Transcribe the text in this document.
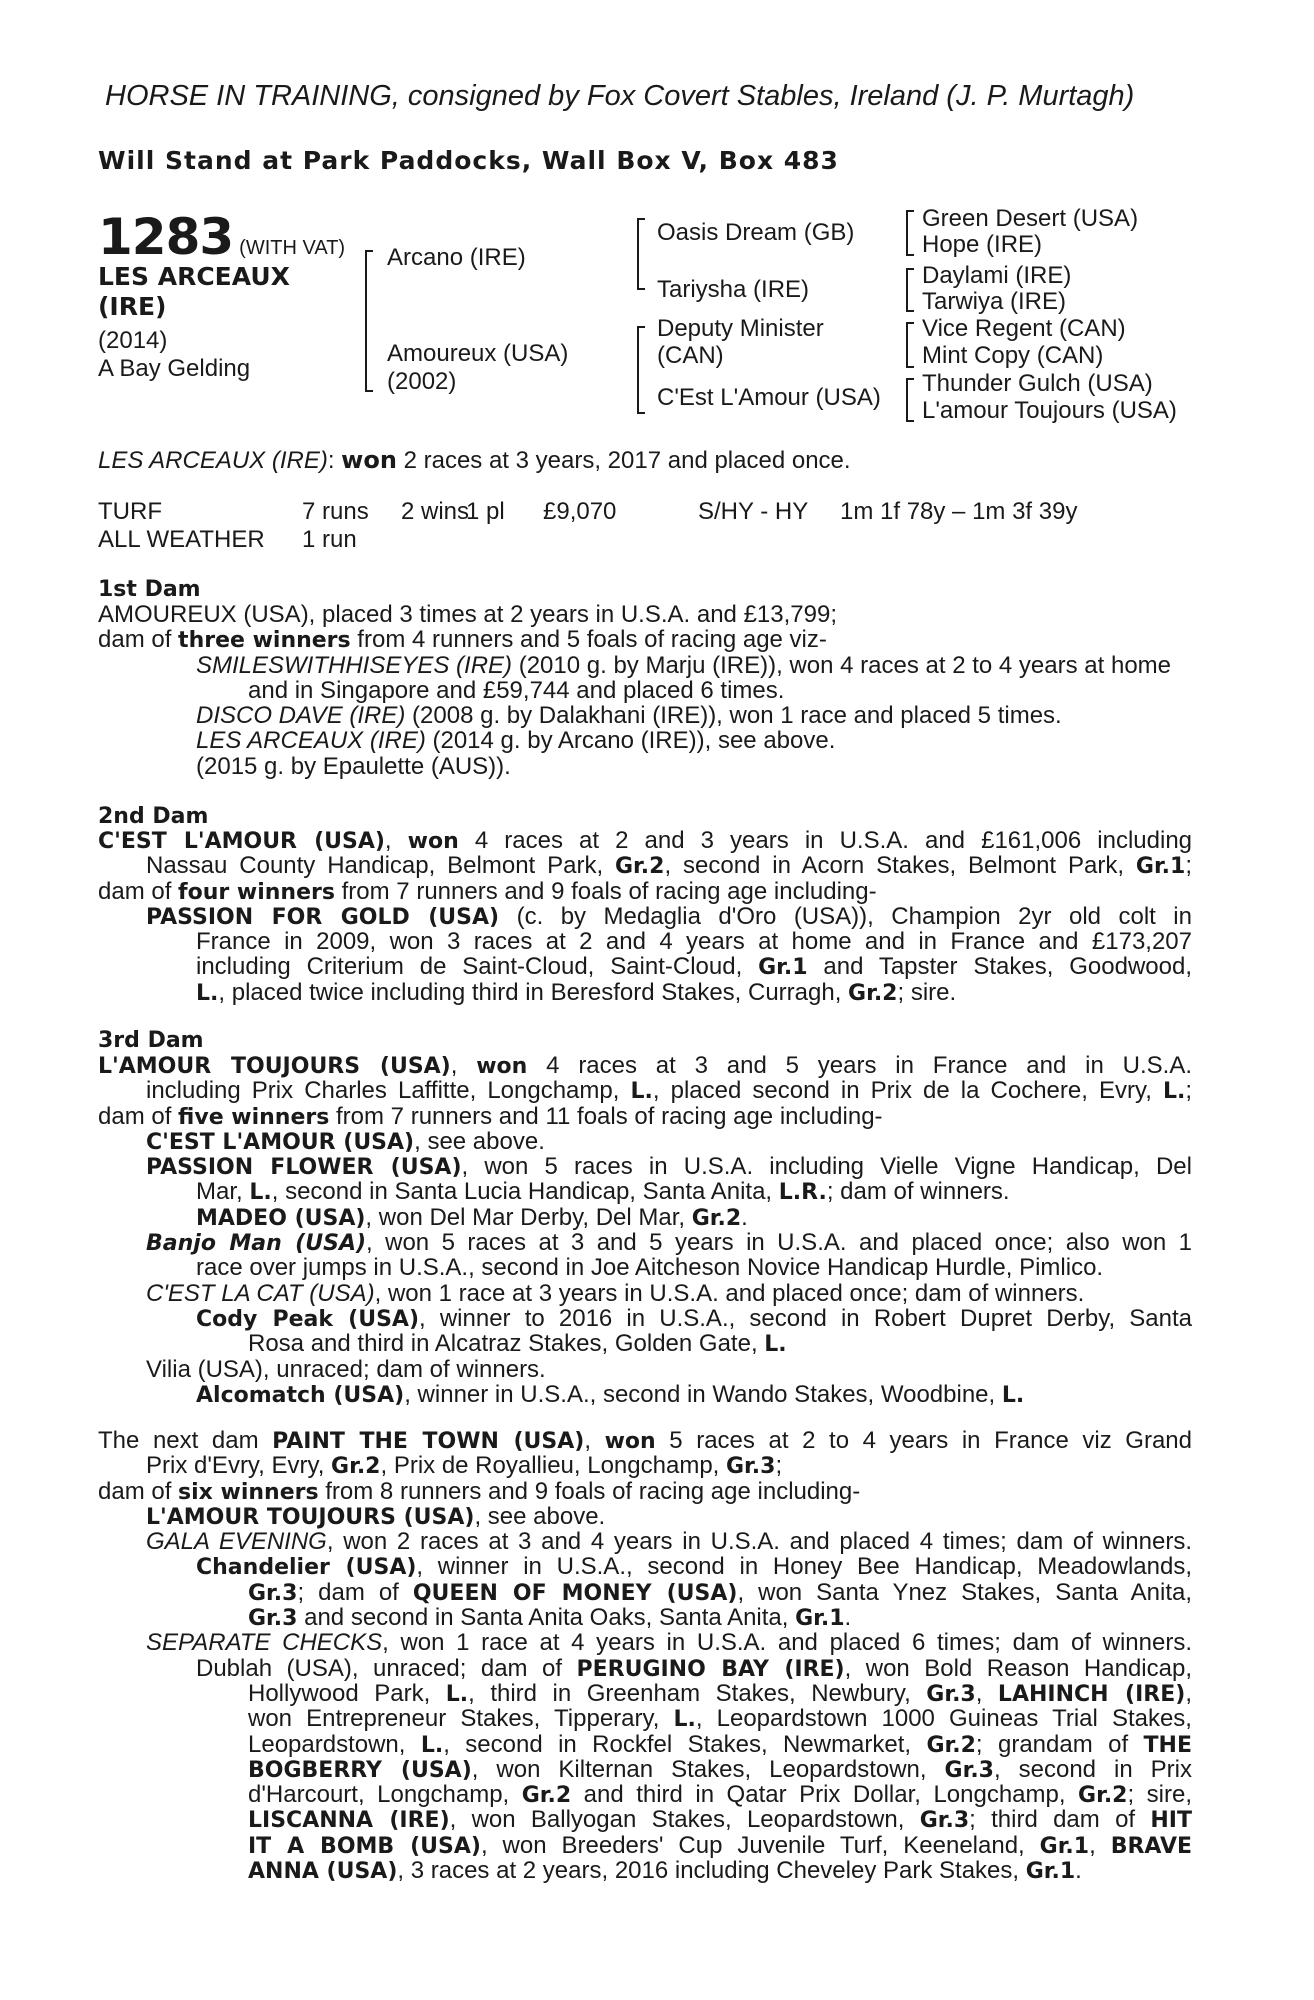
HORSE IN TRAINING, consigned by Fox Covert Stables, Ireland (J. P. Murtagh)
Will Stand at Park Paddocks, Wall Box V, Box 483
1283 (WITH VAT)
LES ARCEAUX
(IRE)
(2014)
A Bay Gelding
Arcano (IRE)
Amoureux (USA)
(2002)
Oasis Dream (GB)
Tariysha (IRE)
Deputy Minister
(CAN)
C'Est L'Amour (USA)
Green Desert (USA)
Hope (IRE)
Daylami (IRE)
Tarwiya (IRE)
Vice Regent (CAN)
Mint Copy (CAN)
Thunder Gulch (USA)
L'amour Toujours (USA)
LES ARCEAUX (IRE): won 2 races at 3 years, 2017 and placed once.
TURF	7 runs 2 wins
1 pl £9,070	S/HY - HY 1m 1f 78y – 1m 3f 39y
ALL WEATHER 1 run
1st Dam
AMOUREUX (USA), placed 3 times at 2 years in U.S.A. and £13,799;
dam of three winners from 4 runners and 5 foals of racing age viz-
SMILESWITHHISEYES (IRE) (2010 g. by Marju (IRE)), won 4 races at 2 to 4 years at home
and in Singapore and £59,744 and placed 6 times.
DISCO DAVE (IRE) (2008 g. by Dalakhani (IRE)), won 1 race and placed 5 times.
LES ARCEAUX (IRE) (2014 g. by Arcano (IRE)), see above.
(2015 g. by Epaulette (AUS)).
2nd Dam
C'EST L'AMOUR (USA), won 4 races at 2 and 3 years in U.S.A. and £161,006 including
Nassau County Handicap, Belmont Park, Gr.2, second in Acorn Stakes, Belmont Park, Gr.1;
dam of four winners from 7 runners and 9 foals of racing age including-
PASSION FOR GOLD (USA) (c. by Medaglia d'Oro (USA)), Champion 2yr old colt in
France in 2009, won 3 races at 2 and 4 years at home and in France and £173,207
including Criterium de Saint-Cloud, Saint-Cloud, Gr.1 and Tapster Stakes, Goodwood,
L., placed twice including third in Beresford Stakes, Curragh, Gr.2; sire.
3rd Dam
L'AMOUR TOUJOURS (USA), won 4 races at 3 and 5 years in France and in U.S.A.
including Prix Charles Laffitte, Longchamp, L., placed second in Prix de la Cochere, Evry, L.;
dam of five winners from 7 runners and 11 foals of racing age including-
C'EST L'AMOUR (USA), see above.
PASSION FLOWER (USA), won 5 races in U.S.A. including Vielle Vigne Handicap, Del
Mar, L., second in Santa Lucia Handicap, Santa Anita, L.R.; dam of winners.
MADEO (USA), won Del Mar Derby, Del Mar, Gr.2.
Banjo Man (USA), won 5 races at 3 and 5 years in U.S.A. and placed once; also won 1
race over jumps in U.S.A., second in Joe Aitcheson Novice Handicap Hurdle, Pimlico.
C'EST LA CAT (USA), won 1 race at 3 years in U.S.A. and placed once; dam of winners.
Cody Peak (USA), winner to 2016 in U.S.A., second in Robert Dupret Derby, Santa
Rosa and third in Alcatraz Stakes, Golden Gate, L.
Vilia (USA), unraced; dam of winners.
Alcomatch (USA), winner in U.S.A., second in Wando Stakes, Woodbine, L.
The next dam PAINT THE TOWN (USA), won 5 races at 2 to 4 years in France viz Grand
Prix d'Evry, Evry, Gr.2, Prix de Royallieu, Longchamp, Gr.3;
dam of six winners from 8 runners and 9 foals of racing age including-
L'AMOUR TOUJOURS (USA), see above.
GALA EVENING, won 2 races at 3 and 4 years in U.S.A. and placed 4 times; dam of winners.
Chandelier (USA), winner in U.S.A., second in Honey Bee Handicap, Meadowlands,
Gr.3; dam of QUEEN OF MONEY (USA), won Santa Ynez Stakes, Santa Anita,
Gr.3 and second in Santa Anita Oaks, Santa Anita, Gr.1.
SEPARATE CHECKS, won 1 race at 4 years in U.S.A. and placed 6 times; dam of winners.
Dublah (USA), unraced; dam of PERUGINO BAY (IRE), won Bold Reason Handicap,
Hollywood Park, L., third in Greenham Stakes, Newbury, Gr.3, LAHINCH (IRE),
won Entrepreneur Stakes, Tipperary, L., Leopardstown 1000 Guineas Trial Stakes,
Leopardstown, L., second in Rockfel Stakes, Newmarket, Gr.2; grandam of THE
BOGBERRY (USA), won Kilternan Stakes, Leopardstown, Gr.3, second in Prix
d'Harcourt, Longchamp, Gr.2 and third in Qatar Prix Dollar, Longchamp, Gr.2; sire,
LISCANNA (IRE), won Ballyogan Stakes, Leopardstown, Gr.3; third dam of HIT
IT A BOMB (USA), won Breeders' Cup Juvenile Turf, Keeneland, Gr.1, BRAVE
ANNA (USA), 3 races at 2 years, 2016 including Cheveley Park Stakes, Gr.1.
